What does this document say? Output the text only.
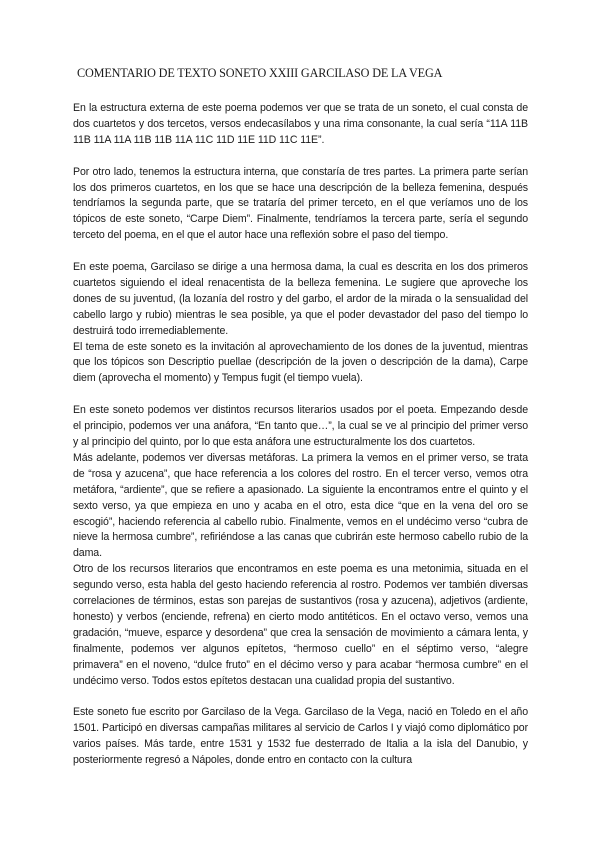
COMENTARIO DE TEXTO SONETO XXIII GARCILASO DE LA VEGA

En la estructura externa de este poema podemos ver que se trata de un soneto, el cual consta de dos cuartetos y dos tercetos, versos endecasílabos y una rima consonante, la cual sería “11A 11B 11B 11A 11A 11B 11B 11A 11C 11D 11E 11D 11C 11E”.

Por otro lado, tenemos la estructura interna, que constaría de tres partes. La primera parte serían los dos primeros cuartetos, en los que se hace una descripción de la belleza femenina, después tendríamos la segunda parte, que se trataría del primer terceto, en el que veríamos uno de los tópicos de este soneto, “Carpe Diem”. Finalmente, tendríamos la tercera parte, sería el segundo terceto del poema, en el que el autor hace una reflexión sobre el paso del tiempo.

En este poema, Garcilaso se dirige a una hermosa dama, la cual es descrita en los dos primeros cuartetos siguiendo el ideal renacentista de la belleza femenina. Le sugiere que aproveche los dones de su juventud, (la lozanía del rostro y del garbo, el ardor de la mirada o la sensualidad del cabello largo y rubio) mientras le sea posible, ya que el poder devastador del paso del tiempo lo destruirá todo irremediablemente.

El tema de este soneto es la invitación al aprovechamiento de los dones de la juventud, mientras que los tópicos son Descriptio puellae (descripción de la joven o descripción de la dama), Carpe diem (aprovecha el momento) y Tempus fugit (el tiempo vuela).

En este soneto podemos ver distintos recursos literarios usados por el poeta. Empezando desde el principio, podemos ver una anáfora, “En tanto que…”, la cual se ve al principio del primer verso y al principio del quinto, por lo que esta anáfora une estructuralmente los dos cuartetos.

Más adelante, podemos ver diversas metáforas. La primera la vemos en el primer verso, se trata de “rosa y azucena”, que hace referencia a los colores del rostro. En el tercer verso, vemos otra metáfora, “ardiente”, que se refiere a apasionado. La siguiente la encontramos entre el quinto y el sexto verso, ya que empieza en uno y acaba en el otro, esta dice “que en la vena del oro se escogió”, haciendo referencia al cabello rubio. Finalmente, vemos en el undécimo verso “cubra de nieve la hermosa cumbre”, refiriéndose a las canas que cubrirán este hermoso cabello rubio de la dama.

Otro de los recursos literarios que encontramos en este poema es una metonimia, situada en el segundo verso, esta habla del gesto haciendo referencia al rostro. Podemos ver también diversas correlaciones de términos, estas son parejas de sustantivos (rosa y azucena), adjetivos (ardiente, honesto) y verbos (enciende, refrena) en cierto modo antitéticos. En el octavo verso, vemos una gradación, “mueve, esparce y desordena” que crea la sensación de movimiento a cámara lenta, y finalmente, podemos ver algunos epítetos, “hermoso cuello” en el séptimo verso, “alegre primavera” en el noveno, “dulce fruto” en el décimo verso y para acabar “hermosa cumbre” en el undécimo verso. Todos estos epítetos destacan una cualidad propia del sustantivo.

Este soneto fue escrito por Garcilaso de la Vega. Garcilaso de la Vega, nació en Toledo en el año 1501. Participó en diversas campañas militares al servicio de Carlos I y viajó como diplomático por varios países. Más tarde, entre 1531 y 1532 fue desterrado de Italia a la isla del Danubio, y posteriormente regresó a Nápoles, donde entro en contacto con la cultura
